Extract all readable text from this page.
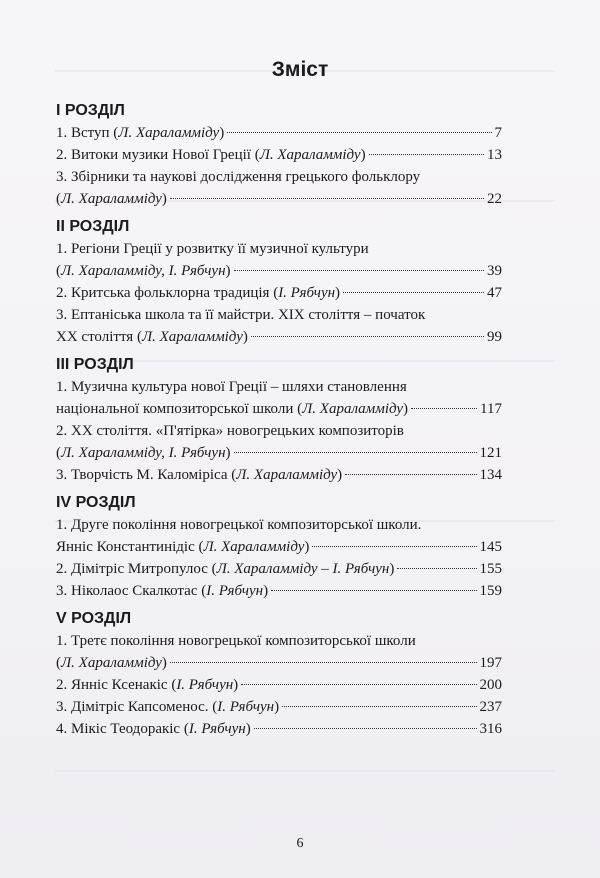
Зміст
І РОЗДІЛ
1. Вступ (Л. Хараламміду)	7
2. Витоки музики Нової Греції (Л. Хараламміду)	13
3. Збірники та наукові дослідження грецького фольклору
(Л. Хараламміду)	22
ІІ РОЗДІЛ
1. Регіони Греції у розвитку її музичної культури
(Л. Хараламміду, І. Рябчун)	39
2. Критська фольклорна традиція (І. Рябчун)	47
3. Ептанісьҝа школа та її майстри. ХІХ століття – початок
ХХ століття (Л. Хараламміду)	99
ІІІ РОЗДІЛ
1. Музична культура нової Греції – шляхи становлення
національної композиторської школи (Л. Хараламміду)	117
2. ХХ століття. «П'ятірка» новогрецьких композиторів
(Л. Хараламміду, І. Рябчун)	121
3. Творчість М. Каломіріса (Л. Хараламміду)	134
ІV РОЗДІЛ
1. Друге покоління новогрецької композиторської школи.
Янніс Константинідіс (Л. Хараламміду)	145
2. Дімітріс Митропулос (Л. Хараламміду – І. Рябчун)	155
3. Ніколаос Скалкотас (І. Рябчун)	159
V РОЗДІЛ
1. Третє покоління новогрецької композиторської школи
(Л. Хараламміду)	197
2. Янніс Ксенакіс (І. Рябчун)	200
3. Дімітріс Капсоменос. (І. Рябчун)	237
4. Мікіс Теодоракіс (І. Рябчун)	316
6
